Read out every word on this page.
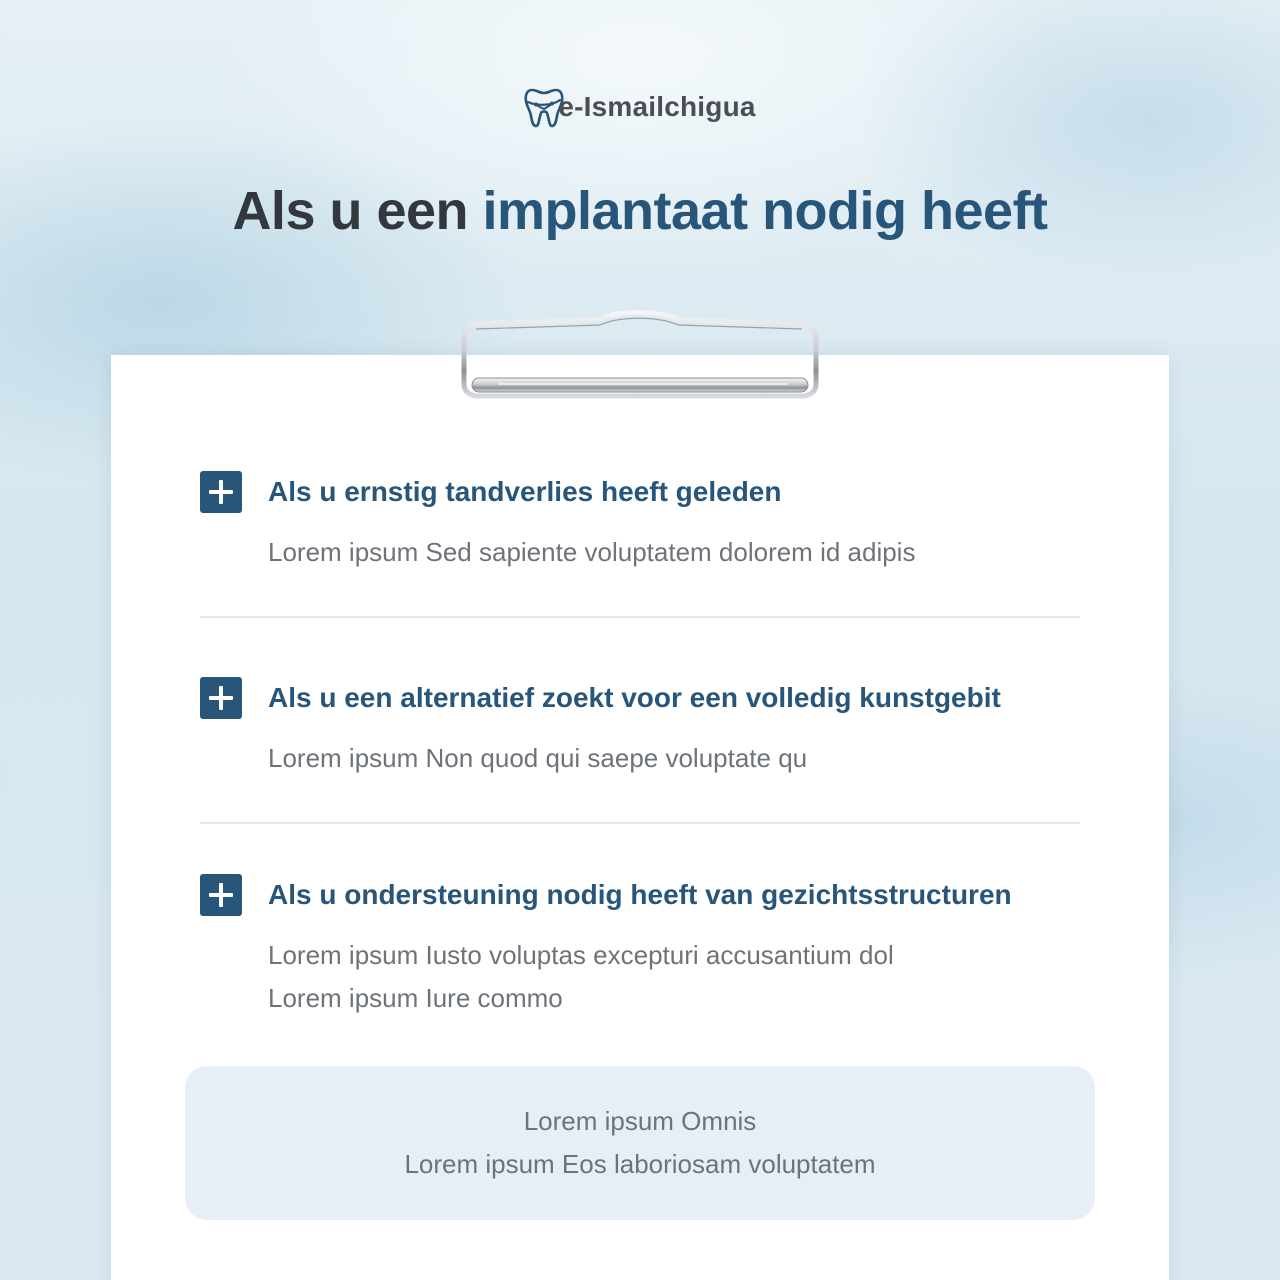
e-Ismailchigua
Als u een implantaat nodig heeft
Als u ernstig tandverlies heeft geleden
Lorem ipsum Sed sapiente voluptatem dolorem id adipis
Als u een alternatief zoekt voor een volledig kunstgebit
Lorem ipsum Non quod qui saepe voluptate qu
Als u ondersteuning nodig heeft van gezichtsstructuren
Lorem ipsum Iusto voluptas excepturi accusantium dol
Lorem ipsum Iure commo
Lorem ipsum Omnis
Lorem ipsum Eos laboriosam voluptatem
